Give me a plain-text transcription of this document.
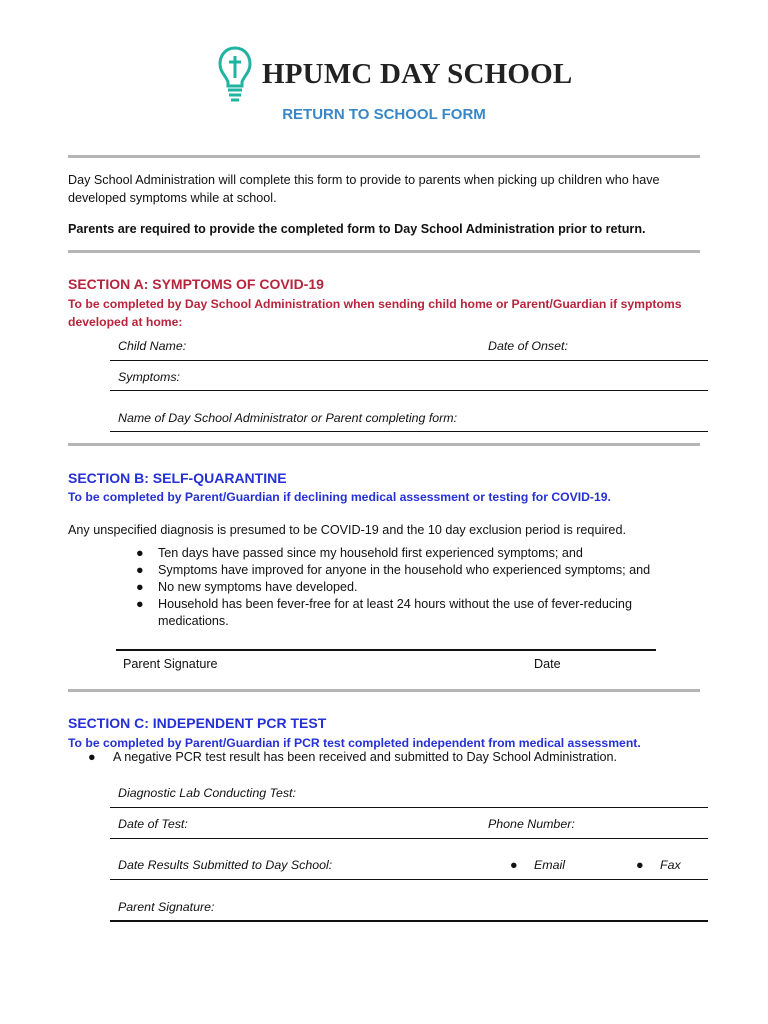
HPUMC DAY SCHOOL
RETURN TO SCHOOL FORM
Day School Administration will complete this form to provide to parents when picking up children who have developed symptoms while at school.
Parents are required to provide the completed form to Day School Administration prior to return.
SECTION A: SYMPTOMS OF COVID-19
To be completed by Day School Administration when sending child home or Parent/Guardian if symptoms developed at home:
Child Name:	Date of Onset:
Symptoms:
Name of Day School Administrator or Parent completing form:
SECTION B: SELF-QUARANTINE
To be completed by Parent/Guardian if declining medical assessment or testing for COVID-19.
Any unspecified diagnosis is presumed to be COVID-19 and the 10 day exclusion period is required.
●	Ten days have passed since my household first experienced symptoms; and
●	Symptoms have improved for anyone in the household who experienced symptoms; and
●	No new symptoms have developed.
●	Household has been fever-free for at least 24 hours without the use of fever-reducing medications.
Parent Signature	Date
SECTION C: INDEPENDENT PCR TEST
To be completed by Parent/Guardian if PCR test completed independent from medical assessment.
● A negative PCR test result has been received and submitted to Day School Administration.
Diagnostic Lab Conducting Test:
Date of Test:	Phone Number:
Date Results Submitted to Day School:	● Email	● Fax
Parent Signature:
